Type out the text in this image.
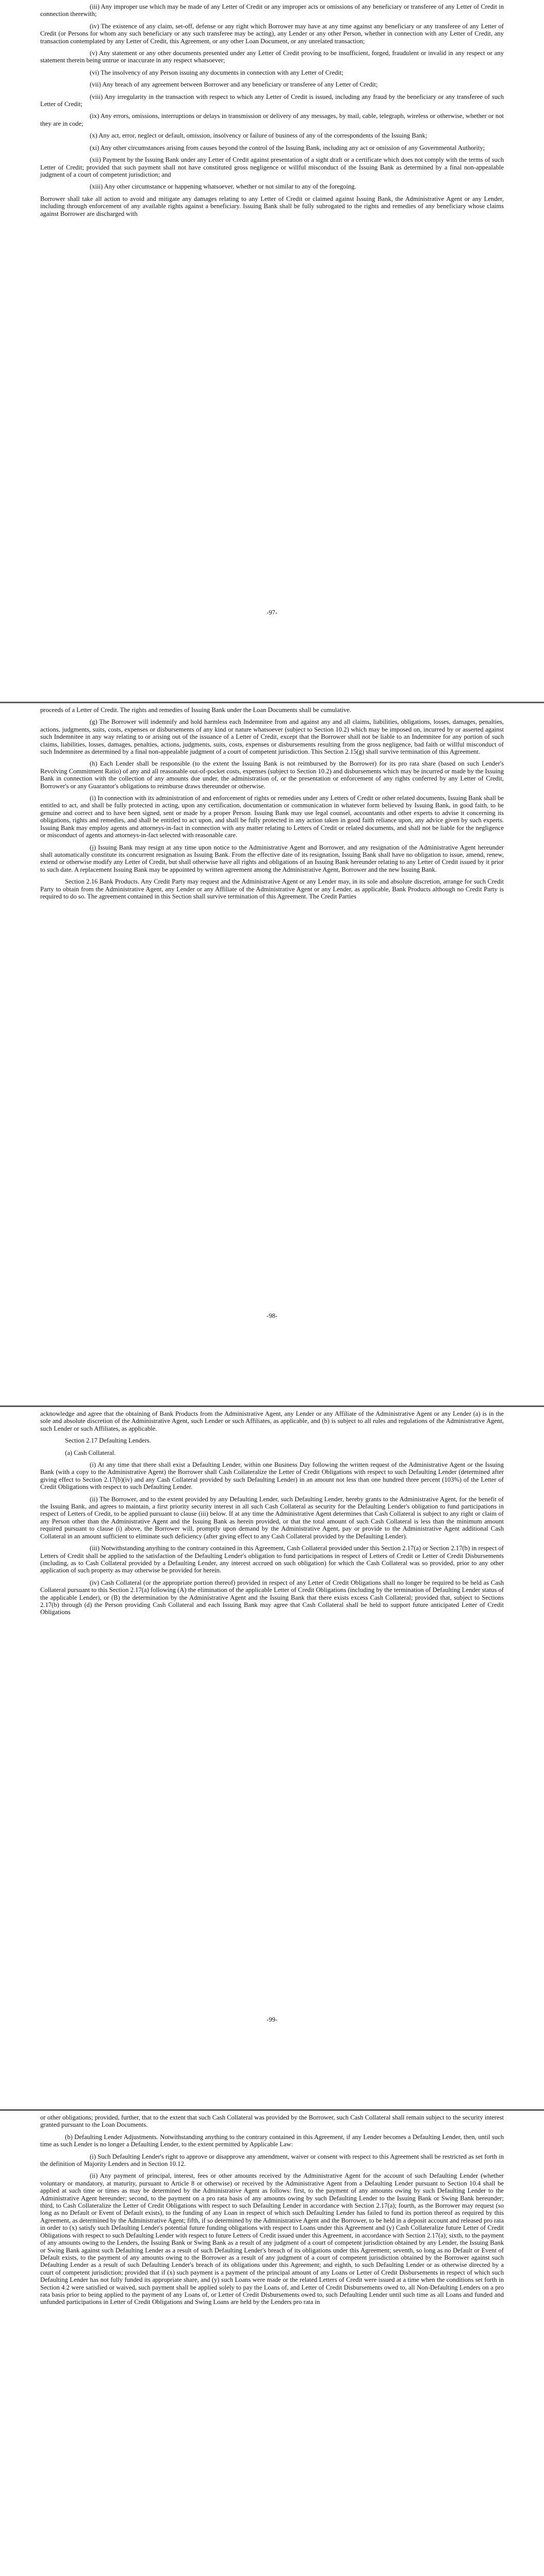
(iii) Any improper use which may be made of any Letter of Credit or any improper acts or omissions of any beneficiary or transferee of any Letter of Credit in connection therewith;

(iv) The existence of any claim, set-off, defense or any right which Borrower may have at any time against any beneficiary or any transferee of any Letter of Credit (or Persons for whom any such beneficiary or any such transferee may be acting), any Lender or any other Person, whether in connection with any Letter of Credit, any transaction contemplated by any Letter of Credit, this Agreement, or any other Loan Document, or any unrelated transaction;

(v) Any statement or any other documents presented under any Letter of Credit proving to be insufficient, forged, fraudulent or invalid in any respect or any statement therein being untrue or inaccurate in any respect whatsoever;

(vi) The insolvency of any Person issuing any documents in connection with any Letter of Credit;

(vii) Any breach of any agreement between Borrower and any beneficiary or transferee of any Letter of Credit;

(viii) Any irregularity in the transaction with respect to which any Letter of Credit is issued, including any fraud by the beneficiary or any transferee of such Letter of Credit;

(ix) Any errors, omissions, interruptions or delays in transmission or delivery of any messages, by mail, cable, telegraph, wireless or otherwise, whether or not they are in code;

(x) Any act, error, neglect or default, omission, insolvency or failure of business of any of the correspondents of the Issuing Bank;

(xi) Any other circumstances arising from causes beyond the control of the Issuing Bank, including any act or omission of any Governmental Authority;

(xii) Payment by the Issuing Bank under any Letter of Credit against presentation of a sight draft or a certificate which does not comply with the terms of such Letter of Credit; provided that such payment shall not have constituted gross negligence or willful misconduct of the Issuing Bank as determined by a final non-appealable judgment of a court of competent jurisdiction; and

(xiii) Any other circumstance or happening whatsoever, whether or not similar to any of the foregoing.

Borrower shall take all action to avoid and mitigate any damages relating to any Letter of Credit or claimed against Issuing Bank, the Administrative Agent or any Lender, including through enforcement of any available rights against a beneficiary. Issuing Bank shall be fully subrogated to the rights and remedies of any beneficiary whose claims against Borrower are discharged with

-97-

proceeds of a Letter of Credit. The rights and remedies of Issuing Bank under the Loan Documents shall be cumulative.

(g) The Borrower will indemnify and hold harmless each Indemnitee from and against any and all claims, liabilities, obligations, losses, damages, penalties, actions, judgments, suits, costs, expenses or disbursements of any kind or nature whatsoever (subject to Section 10.2) which may be imposed on, incurred by or asserted against such Indemnitee in any way relating to or arising out of the issuance of a Letter of Credit, except that the Borrower shall not be liable to an Indemnitee for any portion of such claims, liabilities, losses, damages, penalties, actions, judgments, suits, costs, expenses or disbursements resulting from the gross negligence, bad faith or willful misconduct of such Indemnitee as determined by a final non-appealable judgment of a court of competent jurisdiction. This Section 2.15(g) shall survive termination of this Agreement.

(h) Each Lender shall be responsible (to the extent the Issuing Bank is not reimbursed by the Borrower) for its pro rata share (based on such Lender's Revolving Commitment Ratio) of any and all reasonable out-of-pocket costs, expenses (subject to Section 10.2) and disbursements which may be incurred or made by the Issuing Bank in connection with the collection of any amounts due under, the administration of, or the presentation or enforcement of any rights conferred by any Letter of Credit, Borrower's or any Guarantor's obligations to reimburse draws thereunder or otherwise.

(i) In connection with its administration of and enforcement of rights or remedies under any Letters of Credit or other related documents, Issuing Bank shall be entitled to act, and shall be fully protected in acting, upon any certification, documentation or communication in whatever form believed by Issuing Bank, in good faith, to be genuine and correct and to have been signed, sent or made by a proper Person. Issuing Bank may use legal counsel, accountants and other experts to advise it concerning its obligations, rights and remedies, and shall be entitled to act upon, and shall be fully protected in any action taken in good faith reliance upon, any advice given by such experts. Issuing Bank may employ agents and attorneys-in-fact in connection with any matter relating to Letters of Credit or related documents, and shall not be liable for the negligence or misconduct of agents and attorneys-in-fact selected with reasonable care.

(j) Issuing Bank may resign at any time upon notice to the Administrative Agent and Borrower, and any resignation of the Administrative Agent hereunder shall automatically constitute its concurrent resignation as Issuing Bank. From the effective date of its resignation, Issuing Bank shall have no obligation to issue, amend, renew, extend or otherwise modify any Letter of Credit, but shall otherwise have all rights and obligations of an Issuing Bank hereunder relating to any Letter of Credit issued by it prior to such date. A replacement Issuing Bank may be appointed by written agreement among the Administrative Agent, Borrower and the new Issuing Bank.

Section 2.16 Bank Products. Any Credit Party may request and the Administrative Agent or any Lender may, in its sole and absolute discretion, arrange for such Credit Party to obtain from the Administrative Agent, any Lender or any Affiliate of the Administrative Agent or any Lender, as applicable, Bank Products although no Credit Party is required to do so. The agreement contained in this Section shall survive termination of this Agreement. The Credit Parties

-98-

acknowledge and agree that the obtaining of Bank Products from the Administrative Agent, any Lender or any Affiliate of the Administrative Agent or any Lender (a) is in the sole and absolute discretion of the Administrative Agent, such Lender or such Affiliates, as applicable, and (b) is subject to all rules and regulations of the Administrative Agent, such Lender or such Affiliates, as applicable.

Section 2.17 Defaulting Lenders.

(a) Cash Collateral.

(i) At any time that there shall exist a Defaulting Lender, within one Business Day following the written request of the Administrative Agent or the Issuing Bank (with a copy to the Administrative Agent) the Borrower shall Cash Collateralize the Letter of Credit Obligations with respect to such Defaulting Lender (determined after giving effect to Section 2.17(b)(iv) and any Cash Collateral provided by such Defaulting Lender) in an amount not less than one hundred three percent (103%) of the Letter of Credit Obligations with respect to such Defaulting Lender.

(ii) The Borrower, and to the extent provided by any Defaulting Lender, such Defaulting Lender, hereby grants to the Administrative Agent, for the benefit of the Issuing Bank, and agrees to maintain, a first priority security interest in all such Cash Collateral as security for the Defaulting Lender's obligation to fund participations in respect of Letters of Credit, to be applied pursuant to clause (iii) below. If at any time the Administrative Agent determines that Cash Collateral is subject to any right or claim of any Person other than the Administrative Agent and the Issuing Bank as herein provided, or that the total amount of such Cash Collateral is less than the minimum amount required pursuant to clause (i) above, the Borrower will, promptly upon demand by the Administrative Agent, pay or provide to the Administrative Agent additional Cash Collateral in an amount sufficient to eliminate such deficiency (after giving effect to any Cash Collateral provided by the Defaulting Lender).

(iii) Notwithstanding anything to the contrary contained in this Agreement, Cash Collateral provided under this Section 2.17(a) or Section 2.17(b) in respect of Letters of Credit shall be applied to the satisfaction of the Defaulting Lender's obligation to fund participations in respect of Letters of Credit or Letter of Credit Disbursements (including, as to Cash Collateral provided by a Defaulting Lender, any interest accrued on such obligation) for which the Cash Collateral was so provided, prior to any other application of such property as may otherwise be provided for herein.

(iv) Cash Collateral (or the appropriate portion thereof) provided in respect of any Letter of Credit Obligations shall no longer be required to be held as Cash Collateral pursuant to this Section 2.17(a) following (A) the elimination of the applicable Letter of Credit Obligations (including by the termination of Defaulting Lender status of the applicable Lender), or (B) the determination by the Administrative Agent and the Issuing Bank that there exists excess Cash Collateral; provided that, subject to Sections 2.17(b) through (d) the Person providing Cash Collateral and each Issuing Bank may agree that Cash Collateral shall be held to support future anticipated Letter of Credit Obligations

-99-

or other obligations; provided, further, that to the extent that such Cash Collateral was provided by the Borrower, such Cash Collateral shall remain subject to the security interest granted pursuant to the Loan Documents.

(b) Defaulting Lender Adjustments. Notwithstanding anything to the contrary contained in this Agreement, if any Lender becomes a Defaulting Lender, then, until such time as such Lender is no longer a Defaulting Lender, to the extent permitted by Applicable Law:

(i) Such Defaulting Lender's right to approve or disapprove any amendment, waiver or consent with respect to this Agreement shall be restricted as set forth in the definition of Majority Lenders and in Section 10.12.

(ii) Any payment of principal, interest, fees or other amounts received by the Administrative Agent for the account of such Defaulting Lender (whether voluntary or mandatory, at maturity, pursuant to Article 8 or otherwise) or received by the Administrative Agent from a Defaulting Lender pursuant to Section 10.4 shall be applied at such time or times as may be determined by the Administrative Agent as follows: first, to the payment of any amounts owing by such Defaulting Lender to the Administrative Agent hereunder; second, to the payment on a pro rata basis of any amounts owing by such Defaulting Lender to the Issuing Bank or Swing Bank hereunder; third, to Cash Collateralize the Letter of Credit Obligations with respect to such Defaulting Lender in accordance with Section 2.17(a); fourth, as the Borrower may request (so long as no Default or Event of Default exists), to the funding of any Loan in respect of which such Defaulting Lender has failed to fund its portion thereof as required by this Agreement, as determined by the Administrative Agent; fifth, if so determined by the Administrative Agent and the Borrower, to be held in a deposit account and released pro rata in order to (x) satisfy such Defaulting Lender's potential future funding obligations with respect to Loans under this Agreement and (y) Cash Collateralize future Letter of Credit Obligations with respect to such Defaulting Lender with respect to future Letters of Credit issued under this Agreement, in accordance with Section 2.17(a); sixth, to the payment of any amounts owing to the Lenders, the Issuing Bank or Swing Bank as a result of any judgment of a court of competent jurisdiction obtained by any Lender, the Issuing Bank or Swing Bank against such Defaulting Lender as a result of such Defaulting Lender's breach of its obligations under this Agreement; seventh, so long as no Default or Event of Default exists, to the payment of any amounts owing to the Borrower as a result of any judgment of a court of competent jurisdiction obtained by the Borrower against such Defaulting Lender as a result of such Defaulting Lender's breach of its obligations under this Agreement; and eighth, to such Defaulting Lender or as otherwise directed by a court of competent jurisdiction; provided that if (x) such payment is a payment of the principal amount of any Loans or Letter of Credit Disbursements in respect of which such Defaulting Lender has not fully funded its appropriate share, and (y) such Loans were made or the related Letters of Credit were issued at a time when the conditions set forth in Section 4.2 were satisfied or waived, such payment shall be applied solely to pay the Loans of, and Letter of Credit Disbursements owed to, all Non-Defaulting Lenders on a pro rata basis prior to being applied to the payment of any Loans of, or Letter of Credit Disbursements owed to, such Defaulting Lender until such time as all Loans and funded and unfunded participations in Letter of Credit Obligations and Swing Loans are held by the Lenders pro rata in
